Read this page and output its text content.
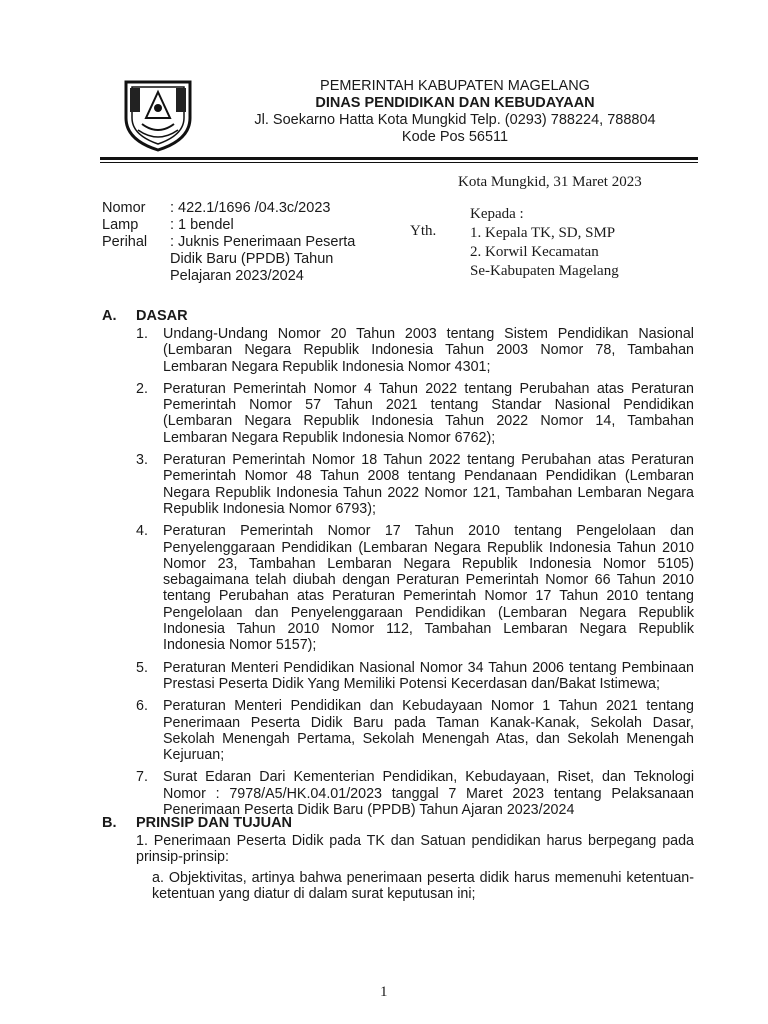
PEMERINTAH KABUPATEN MAGELANG
DINAS PENDIDIKAN DAN KEBUDAYAAN
Jl. Soekarno Hatta Kota Mungkid Telp. (0293) 788224, 788804
Kode Pos 56511
Kota Mungkid, 31 Maret 2023
Nomor	: 422.1/1696 /04.3c/2023
Lamp	: 1 bendel
Perihal	: Juknis Penerimaan Peserta
Didik Baru (PPDB) Tahun
Pelajaran 2023/2024
Yth.
Kepada :
1. Kepala TK, SD, SMP
2. Korwil Kecamatan
Se-Kabupaten Magelang
A. DASAR
1.	Undang-Undang Nomor 20 Tahun 2003 tentang Sistem Pendidikan Nasional (Lembaran Negara Republik Indonesia Tahun 2003 Nomor 78, Tambahan Lembaran Negara Republik Indonesia Nomor 4301;
2.	Peraturan Pemerintah Nomor 4 Tahun 2022 tentang Perubahan atas Peraturan Pemerintah Nomor 57 Tahun 2021 tentang Standar Nasional Pendidikan (Lembaran Negara Republik Indonesia Tahun 2022 Nomor 14, Tambahan Lembaran Negara Republik Indonesia Nomor 6762);
3.	Peraturan Pemerintah Nomor 18 Tahun 2022 tentang Perubahan atas Peraturan Pemerintah Nomor 48 Tahun 2008 tentang Pendanaan Pendidikan (Lembaran Negara Republik Indonesia Tahun 2022 Nomor 121, Tambahan Lembaran Negara Republik Indonesia Nomor 6793);
4.	Peraturan Pemerintah Nomor 17 Tahun 2010 tentang Pengelolaan dan Penyelenggaraan Pendidikan (Lembaran Negara Republik Indonesia Tahun 2010 Nomor 23, Tambahan Lembaran Negara Republik Indonesia Nomor 5105) sebagaimana telah diubah dengan Peraturan Pemerintah Nomor 66 Tahun 2010 tentang Perubahan atas Peraturan Pemerintah Nomor 17 Tahun 2010 tentang Pengelolaan dan Penyelenggaraan Pendidikan (Lembaran Negara Republik Indonesia Tahun 2010 Nomor 112, Tambahan Lembaran Negara Republik Indonesia Nomor 5157);
5.	Peraturan Menteri Pendidikan Nasional Nomor 34 Tahun 2006 tentang Pembinaan Prestasi Peserta Didik Yang Memiliki Potensi Kecerdasan dan/Bakat Istimewa;
6.	Peraturan Menteri Pendidikan dan Kebudayaan Nomor 1 Tahun 2021 tentang Penerimaan Peserta Didik Baru pada Taman Kanak-Kanak, Sekolah Dasar, Sekolah Menengah Pertama, Sekolah Menengah Atas, dan Sekolah Menengah Kejuruan;
7.	Surat Edaran Dari Kementerian Pendidikan, Kebudayaan, Riset, dan Teknologi Nomor : 7978/A5/HK.04.01/2023 tanggal 7 Maret 2023 tentang Pelaksanaan Penerimaan Peserta Didik Baru (PPDB) Tahun Ajaran 2023/2024
B. PRINSIP DAN TUJUAN
1. Penerimaan Peserta Didik pada TK dan Satuan pendidikan harus berpegang pada prinsip-prinsip:
a. Objektivitas, artinya bahwa penerimaan peserta didik harus memenuhi ketentuan-ketentuan yang diatur di dalam surat keputusan ini;
1
